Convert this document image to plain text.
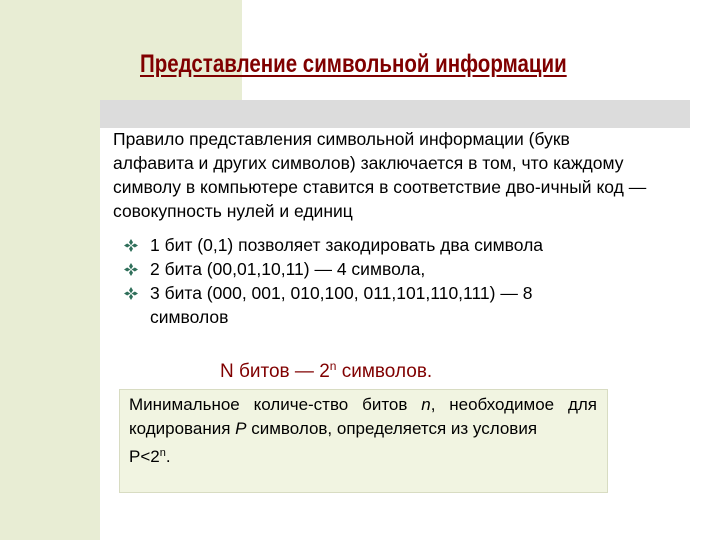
Представление символьной информации

Правило представления символьной информации (букв алфавита и других символов) заключается в том, что каждому символу в компьютере ставится в соответствие дво-ичный код — совокупность нулей и единиц

1 бит (0,1) позволяет закодировать два символа
2 бита (00,01,10,11) — 4 символа,
3 бита (000, 001, 010,100, 011,101,110,111) — 8 символов

N битов — 2$^n$ символов.

Минимальное количе-ство битов n, необходимое для кодирования P символов, определяется из условия

$P<2^n$.
